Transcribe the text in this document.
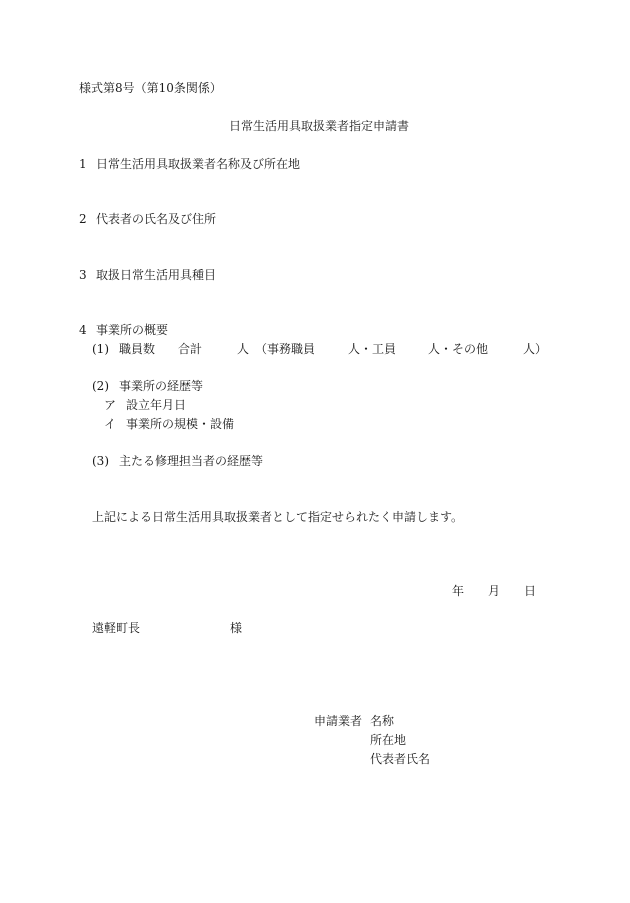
様式第8号（第10条関係）
日常生活用具取扱業者指定申請書
1 日常生活用具取扱業者名称及び所在地
2 代表者の氏名及び住所
3 取扱日常生活用具種目
4 事業所の概要
(1) 職員数 合計	人 （事務職員	人・工員	人・その他	人）
(2) 事業所の経歴等
ア 設立年月日
イ 事業所の規模・設備
(3) 主たる修理担当者の経歴等
上記による日常生活用具取扱業者として指定せられたく申請します。
年 月 日
遠軽町長	様
申請業者 名称
所在地
代表者氏名
